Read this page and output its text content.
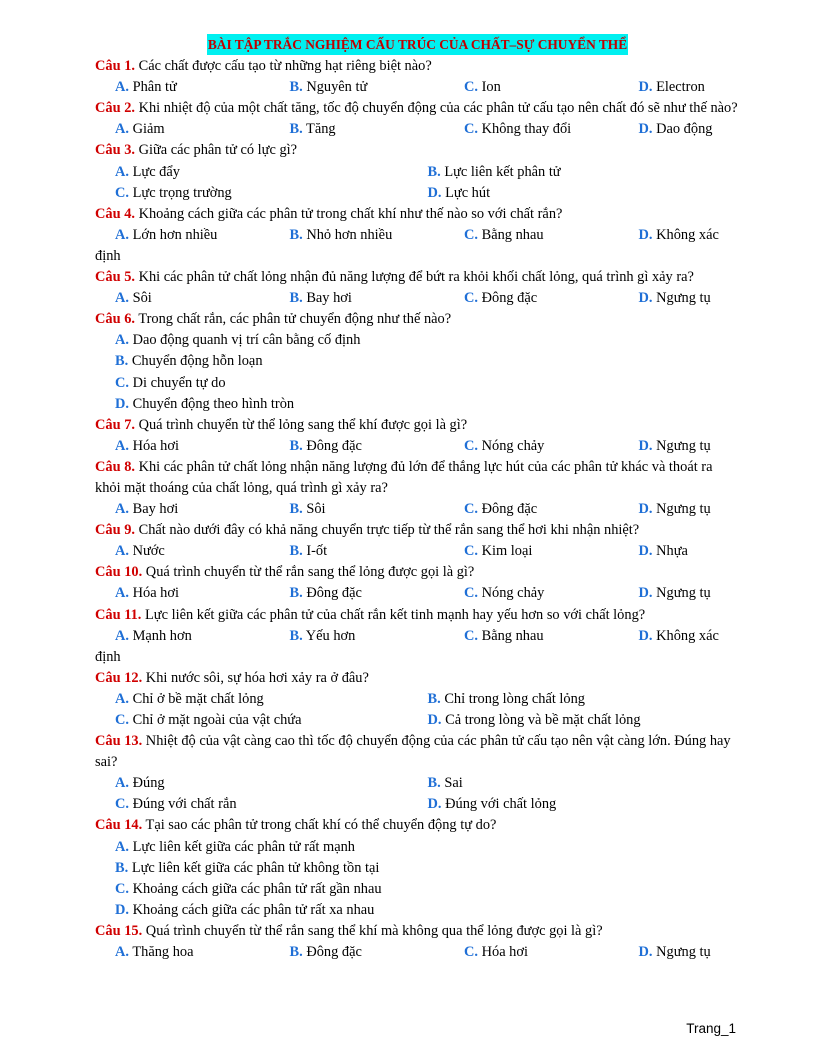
BÀI TẬP TRẮC NGHIỆM CẤU TRÚC CỦA CHẤT–SỰ CHUYỂN THỂ
Câu 1. Các chất được cấu tạo từ những hạt riêng biệt nào?
A. Phân tử	B. Nguyên tử	C. Ion	D. Electron
Câu 2. Khi nhiệt độ của một chất tăng, tốc độ chuyển động của các phân tử cấu tạo nên chất đó sẽ như thế nào?
A. Giảm	B. Tăng	C. Không thay đổi	D. Dao động
Câu 3. Giữa các phân tử có lực gì?
A. Lực đẩy	B. Lực liên kết phân tử
C. Lực trọng trường	D. Lực hút
Câu 4. Khoảng cách giữa các phân tử trong chất khí như thế nào so với chất rắn?
A. Lớn hơn nhiều	B. Nhỏ hơn nhiều	C. Bằng nhau	D. Không xác
định
Câu 5. Khi các phân tử chất lỏng nhận đủ năng lượng để bứt ra khỏi khối chất lỏng, quá trình gì xảy ra?
A. Sôi	B. Bay hơi	C. Đông đặc	D. Ngưng tụ
Câu 6. Trong chất rắn, các phân tử chuyển động như thế nào?
A. Dao động quanh vị trí cân bằng cố định
B. Chuyển động hỗn loạn
C. Di chuyển tự do
D. Chuyển động theo hình tròn
Câu 7. Quá trình chuyển từ thể lỏng sang thể khí được gọi là gì?
A. Hóa hơi	B. Đông đặc	C. Nóng chảy	D. Ngưng tụ
Câu 8. Khi các phân tử chất lỏng nhận năng lượng đủ lớn để thắng lực hút của các phân tử khác và thoát ra khỏi mặt thoáng của chất lỏng, quá trình gì xảy ra?
A. Bay hơi	B. Sôi	C. Đông đặc	D. Ngưng tụ
Câu 9. Chất nào dưới đây có khả năng chuyển trực tiếp từ thể rắn sang thể hơi khi nhận nhiệt?
A. Nước	B. I-ốt	C. Kim loại	D. Nhựa
Câu 10. Quá trình chuyển từ thể rắn sang thể lỏng được gọi là gì?
A. Hóa hơi	B. Đông đặc	C. Nóng chảy	D. Ngưng tụ
Câu 11. Lực liên kết giữa các phân tử của chất rắn kết tinh mạnh hay yếu hơn so với chất lỏng?
A. Mạnh hơn	B. Yếu hơn	C. Bằng nhau	D. Không xác
định
Câu 12. Khi nước sôi, sự hóa hơi xảy ra ở đâu?
A. Chỉ ở bề mặt chất lỏng	B. Chỉ trong lòng chất lỏng
C. Chỉ ở mặt ngoài của vật chứa	D. Cả trong lòng và bề mặt chất lỏng
Câu 13. Nhiệt độ của vật càng cao thì tốc độ chuyển động của các phân tử cấu tạo nên vật càng lớn. Đúng hay sai?
A. Đúng	B. Sai
C. Đúng với chất rắn	D. Đúng với chất lỏng
Câu 14. Tại sao các phân tử trong chất khí có thể chuyển động tự do?
A. Lực liên kết giữa các phân tử rất mạnh
B. Lực liên kết giữa các phân tử không tồn tại
C. Khoảng cách giữa các phân tử rất gần nhau
D. Khoảng cách giữa các phân tử rất xa nhau
Câu 15. Quá trình chuyển từ thể rắn sang thể khí mà không qua thể lỏng được gọi là gì?
A. Thăng hoa	B. Đông đặc	C. Hóa hơi	D. Ngưng tụ
Trang_1
